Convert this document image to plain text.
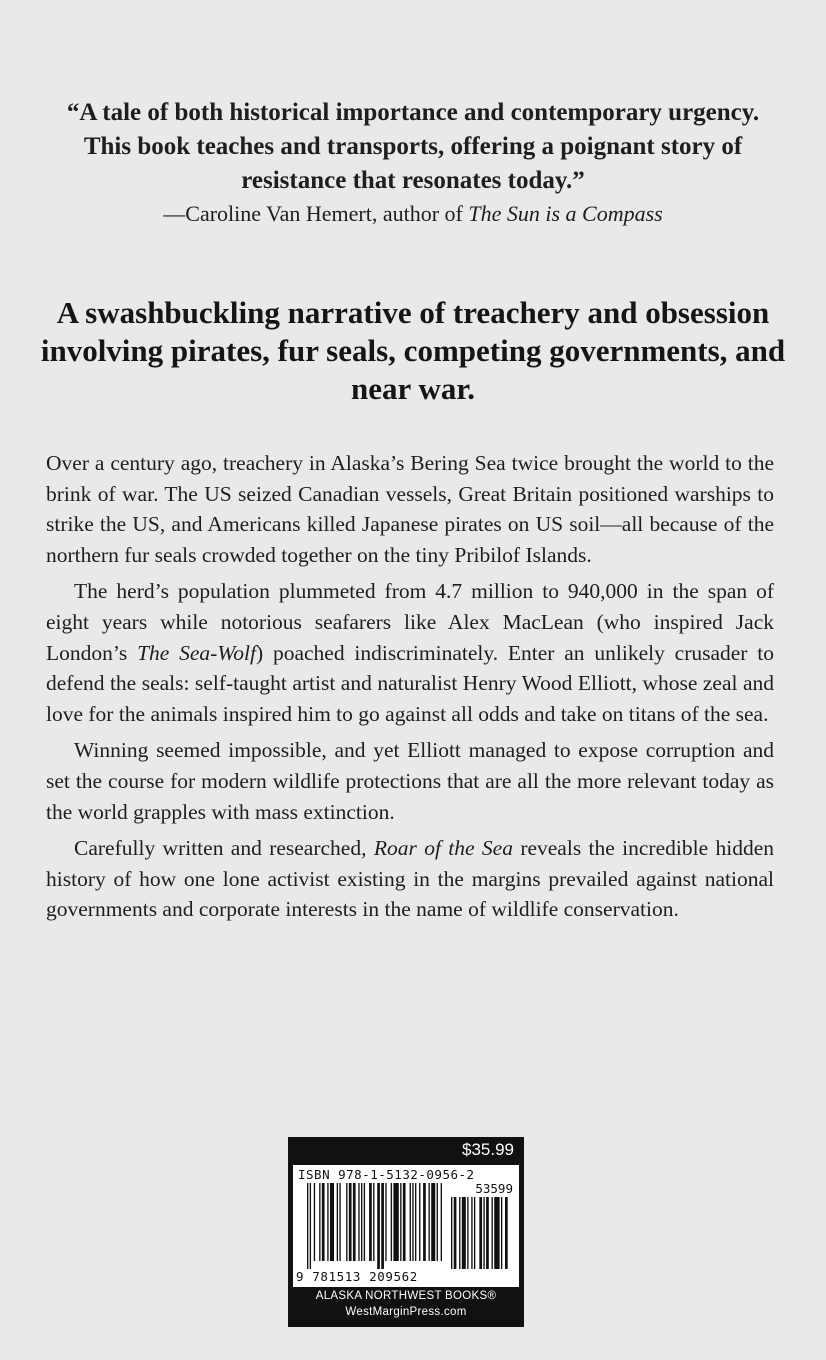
“A tale of both historical importance and contemporary urgency. This book teaches and transports, offering a poignant story of resistance that resonates today.”
—Caroline Van Hemert, author of The Sun is a Compass
A swashbuckling narrative of treachery and obsession involving pirates, fur seals, competing governments, and near war.

Over a century ago, treachery in Alaska’s Bering Sea twice brought the world to the brink of war. The US seized Canadian vessels, Great Britain positioned warships to strike the US, and Americans killed Japanese pirates on US soil—all because of the northern fur seals crowded together on the tiny Pribilof Islands.

The herd’s population plummeted from 4.7 million to 940,000 in the span of eight years while notorious seafarers like Alex MacLean (who inspired Jack London’s The Sea-Wolf) poached indiscriminately. Enter an unlikely crusader to defend the seals: self-taught artist and naturalist Henry Wood Elliott, whose zeal and love for the animals inspired him to go against all odds and take on titans of the sea.

Winning seemed impossible, and yet Elliott managed to expose corruption and set the course for modern wildlife protections that are all the more relevant today as the world grapples with mass extinction.

Carefully written and researched, Roar of the Sea reveals the incredible hidden history of how one lone activist existing in the margins prevailed against national governments and corporate interests in the name of wildlife conservation.

$35.99
ISBN 978-1-5132-0956-2
53599
9 781513 209562
ALASKA NORTHWEST BOOKS®
WestMarginPress.com
